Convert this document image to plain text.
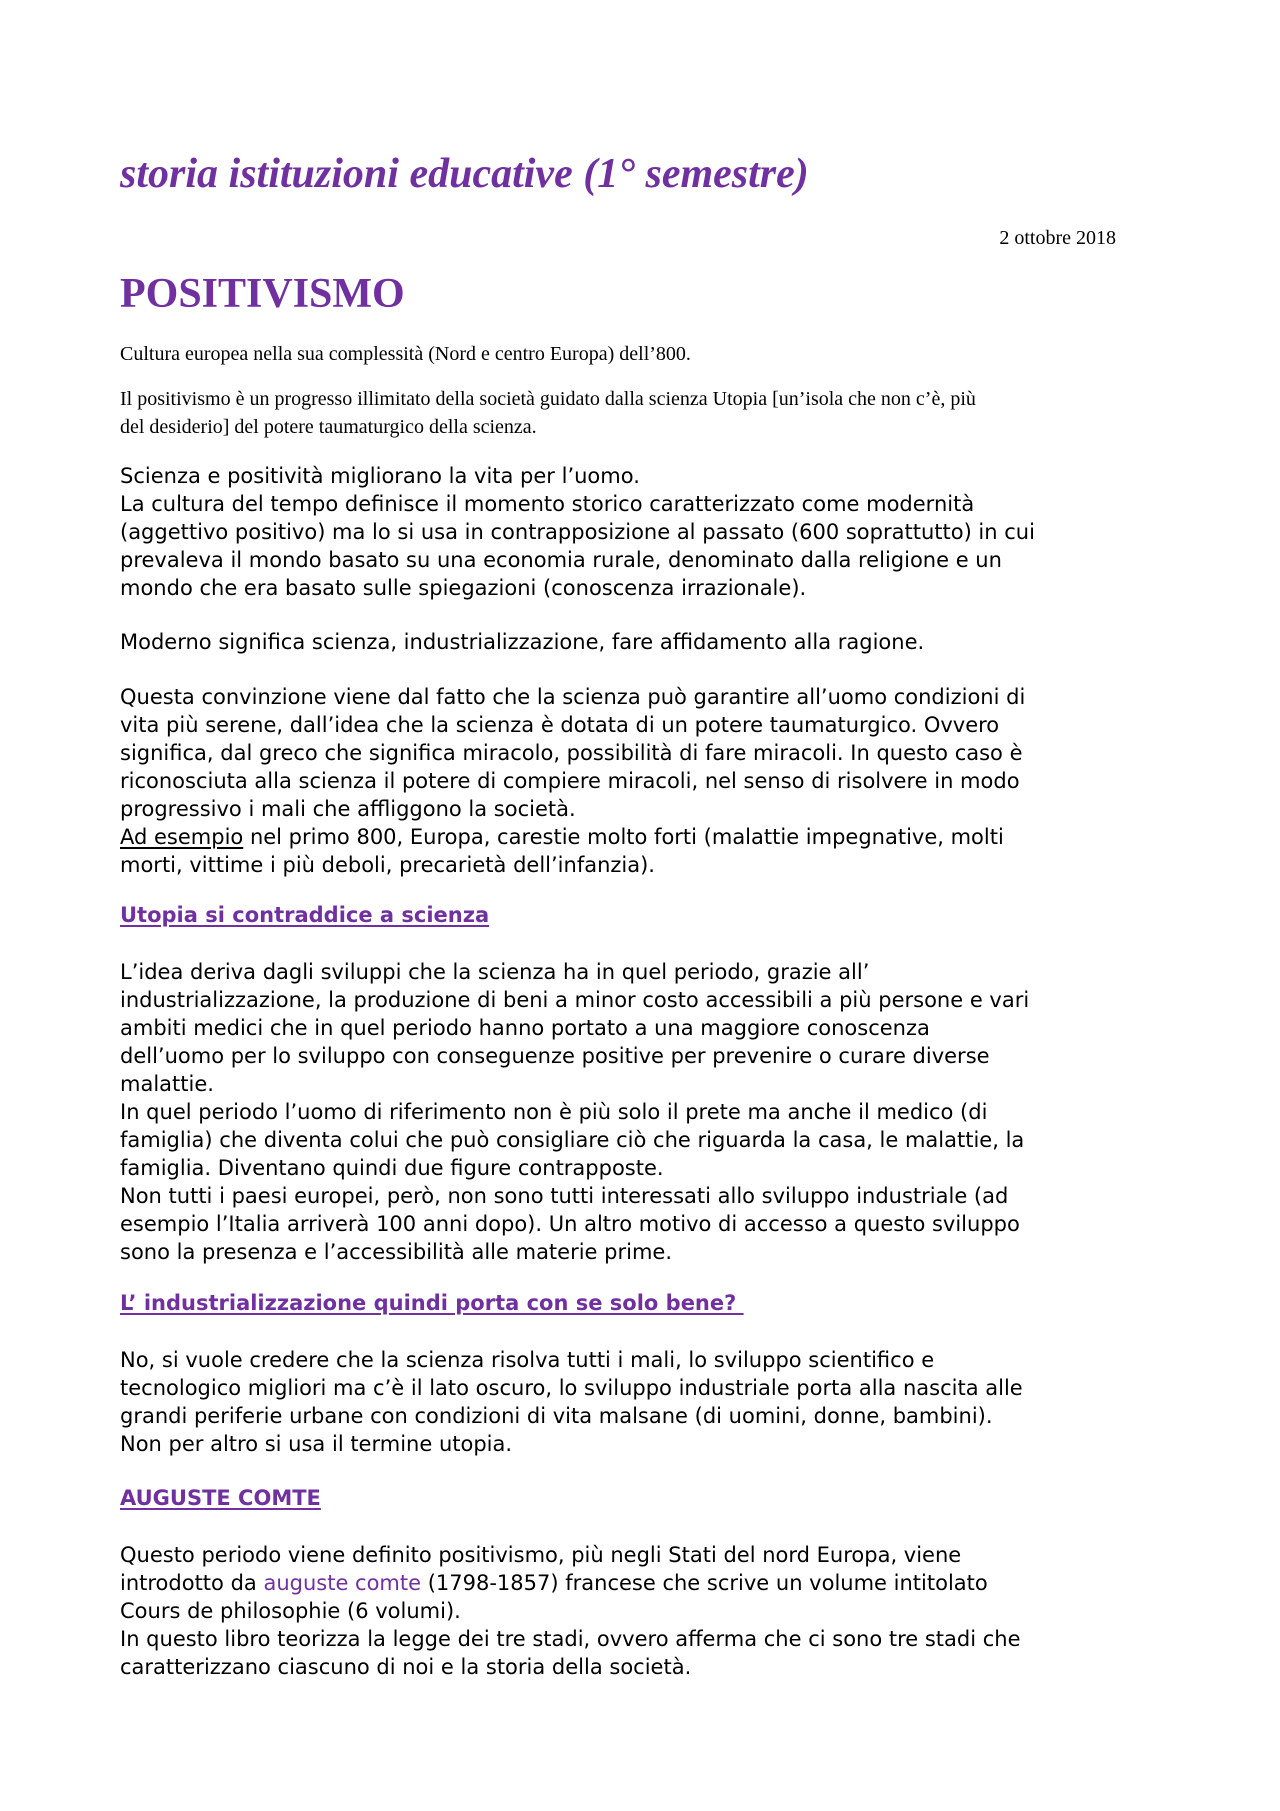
storia istituzioni educative (1° semestre)
2 ottobre 2018
POSITIVISMO

Cultura europea nella sua complessità (Nord e centro Europa) dell’800.

Il positivismo è un progresso illimitato della società guidato dalla scienza Utopia [un’isola che non c’è, più
del desiderio] del potere taumaturgico della scienza.

Scienza e positività migliorano la vita per l’uomo.

La cultura del tempo definisce il momento storico caratterizzato come modernità

(aggettivo positivo) ma lo si usa in contrapposizione al passato (600 soprattutto) in cui

prevaleva il mondo basato su una economia rurale, denominato dalla religione e un

mondo che era basato sulle spiegazioni (conoscenza irrazionale).

Moderno significa scienza, industrializzazione, fare affidamento alla ragione.

Questa convinzione viene dal fatto che la scienza può garantire all’uomo condizioni di

vita più serene, dall’idea che la scienza è dotata di un potere taumaturgico. Ovvero

significa, dal greco che significa miracolo, possibilità di fare miracoli. In questo caso è

riconosciuta alla scienza il potere di compiere miracoli, nel senso di risolvere in modo

progressivo i mali che affliggono la società.

Ad esempio nel primo 800, Europa, carestie molto forti (malattie impegnative, molti

morti, vittime i più deboli, precarietà dell’infanzia).

Utopia si contraddice a scienza

L’idea deriva dagli sviluppi che la scienza ha in quel periodo, grazie all’

industrializzazione, la produzione di beni a minor costo accessibili a più persone e vari

ambiti medici che in quel periodo hanno portato a una maggiore conoscenza

dell’uomo per lo sviluppo con conseguenze positive per prevenire o curare diverse

malattie.

In quel periodo l’uomo di riferimento non è più solo il prete ma anche il medico (di

famiglia) che diventa colui che può consigliare ciò che riguarda la casa, le malattie, la

famiglia. Diventano quindi due figure contrapposte.

Non tutti i paesi europei, però, non sono tutti interessati allo sviluppo industriale (ad

esempio l’Italia arriverà 100 anni dopo). Un altro motivo di accesso a questo sviluppo

sono la presenza e l’accessibilità alle materie prime.

L’ industrializzazione quindi porta con se solo bene?

No, si vuole credere che la scienza risolva tutti i mali, lo sviluppo scientifico e

tecnologico migliori ma c’è il lato oscuro, lo sviluppo industriale porta alla nascita alle

grandi periferie urbane con condizioni di vita malsane (di uomini, donne, bambini).

Non per altro si usa il termine utopia.

AUGUSTE COMTE

Questo periodo viene definito positivismo, più negli Stati del nord Europa, viene

introdotto da auguste comte (1798-1857) francese che scrive un volume intitolato

Cours de philosophie (6 volumi).

In questo libro teorizza la legge dei tre stadi, ovvero afferma che ci sono tre stadi che

caratterizzano ciascuno di noi e la storia della società.
